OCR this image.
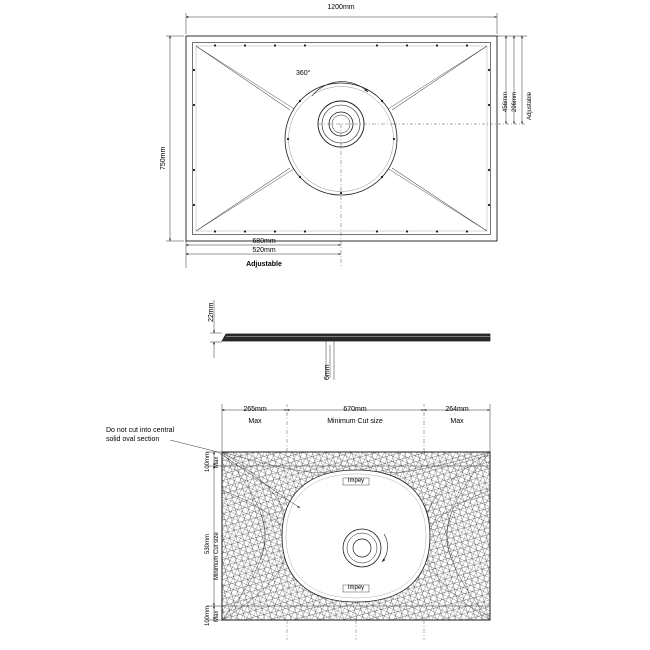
1200mm
750mm
360°
456mm 296mm Adjustable
680mm
520mm
Adjustable
22mm
6mm
Do not cut into central
solid oval section
265mm
Max
670mm
Minimum Cut size
264mm
Max
100mm Max
530mm Minimum Cut size
100mm Max
Impey
Impey
